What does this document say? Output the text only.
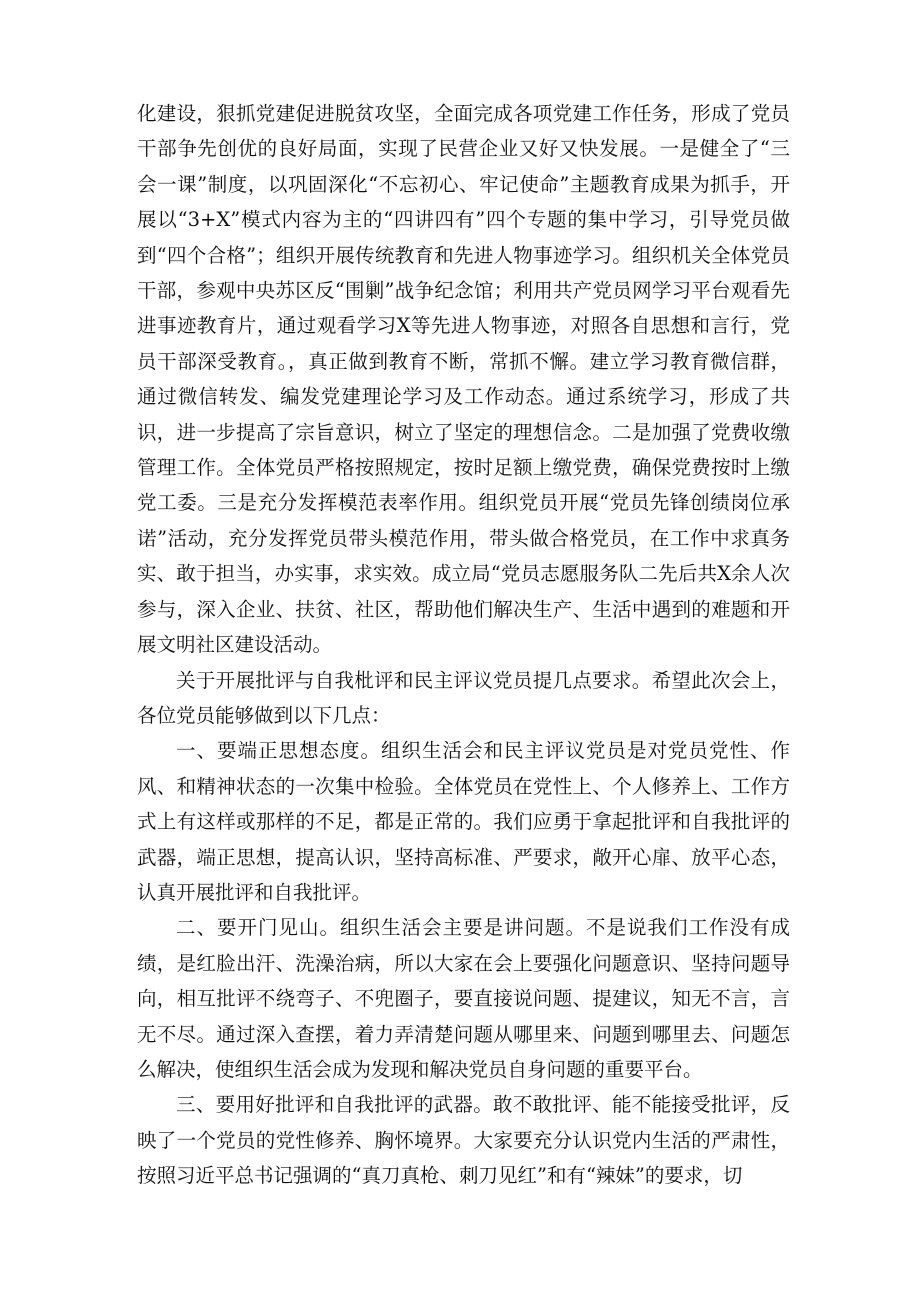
化建设，狠抓党建促进脱贫攻坚，全面完成各项党建工作任务，形成了党员干部争先创优的良好局面，实现了民营企业又好又快发展。一是健全了“三会一课”制度，以巩固深化“不忘初心、牢记使命”主题教育成果为抓手，开展以“3+X”模式内容为主的“四讲四有”四个专题的集中学习，引导党员做到“四个合格”；组织开展传统教育和先进人物事迹学习。组织机关全体党员干部，参观中央苏区反“围剿”战争纪念馆；利用共产党员网学习平台观看先进事迹教育片，通过观看学习X等先进人物事迹，对照各自思想和言行，党员干部深受教育。，真正做到教育不断，常抓不懈。建立学习教育微信群，通过微信转发、编发党建理论学习及工作动态。通过系统学习，形成了共识，进一步提高了宗旨意识，树立了坚定的理想信念。二是加强了党费收缴管理工作。全体党员严格按照规定，按时足额上缴党费，确保党费按时上缴党工委。三是充分发挥模范表率作用。组织党员开展“党员先锋创绩岗位承诺”活动，充分发挥党员带头模范作用，带头做合格党员，在工作中求真务实、敢于担当，办实事，求实效。成立局“党员志愿服务队二先后共X余人次参与，深入企业、扶贫、社区，帮助他们解决生产、生活中遇到的难题和开展文明社区建设活动。

关于开展批评与自我枇评和民主评议党员提几点要求。希望此次会上，各位党员能够做到以下几点：

一、要端正思想态度。组织生活会和民主评议党员是对党员党性、作风、和精神状态的一次集中检验。全体党员在党性上、个人修养上、工作方式上有这样或那样的不足，都是正常的。我们应勇于拿起批评和自我批评的武器，端正思想，提高认识，坚持高标准、严要求，敞开心扉、放平心态，认真开展批评和自我批评。

二、要开门见山。组织生活会主要是讲问题。不是说我们工作没有成绩，是红脸出汗、洗澡治病，所以大家在会上要强化问题意识、坚持问题导向，相互批评不绕弯子、不兜圈子，要直接说问题、提建议，知无不言，言无不尽。通过深入查摆，着力弄清楚问题从哪里来、问题到哪里去、问题怎么解决，使组织生活会成为发现和解决党员自身问题的重要平台。

三、要用好批评和自我批评的武器。敢不敢批评、能不能接受批评，反映了一个党员的党性修养、胸怀境界。大家要充分认识党内生活的严肃性，按照习近平总书记强调的“真刀真枪、刺刀见红”和有“辣妹”的要求，切
